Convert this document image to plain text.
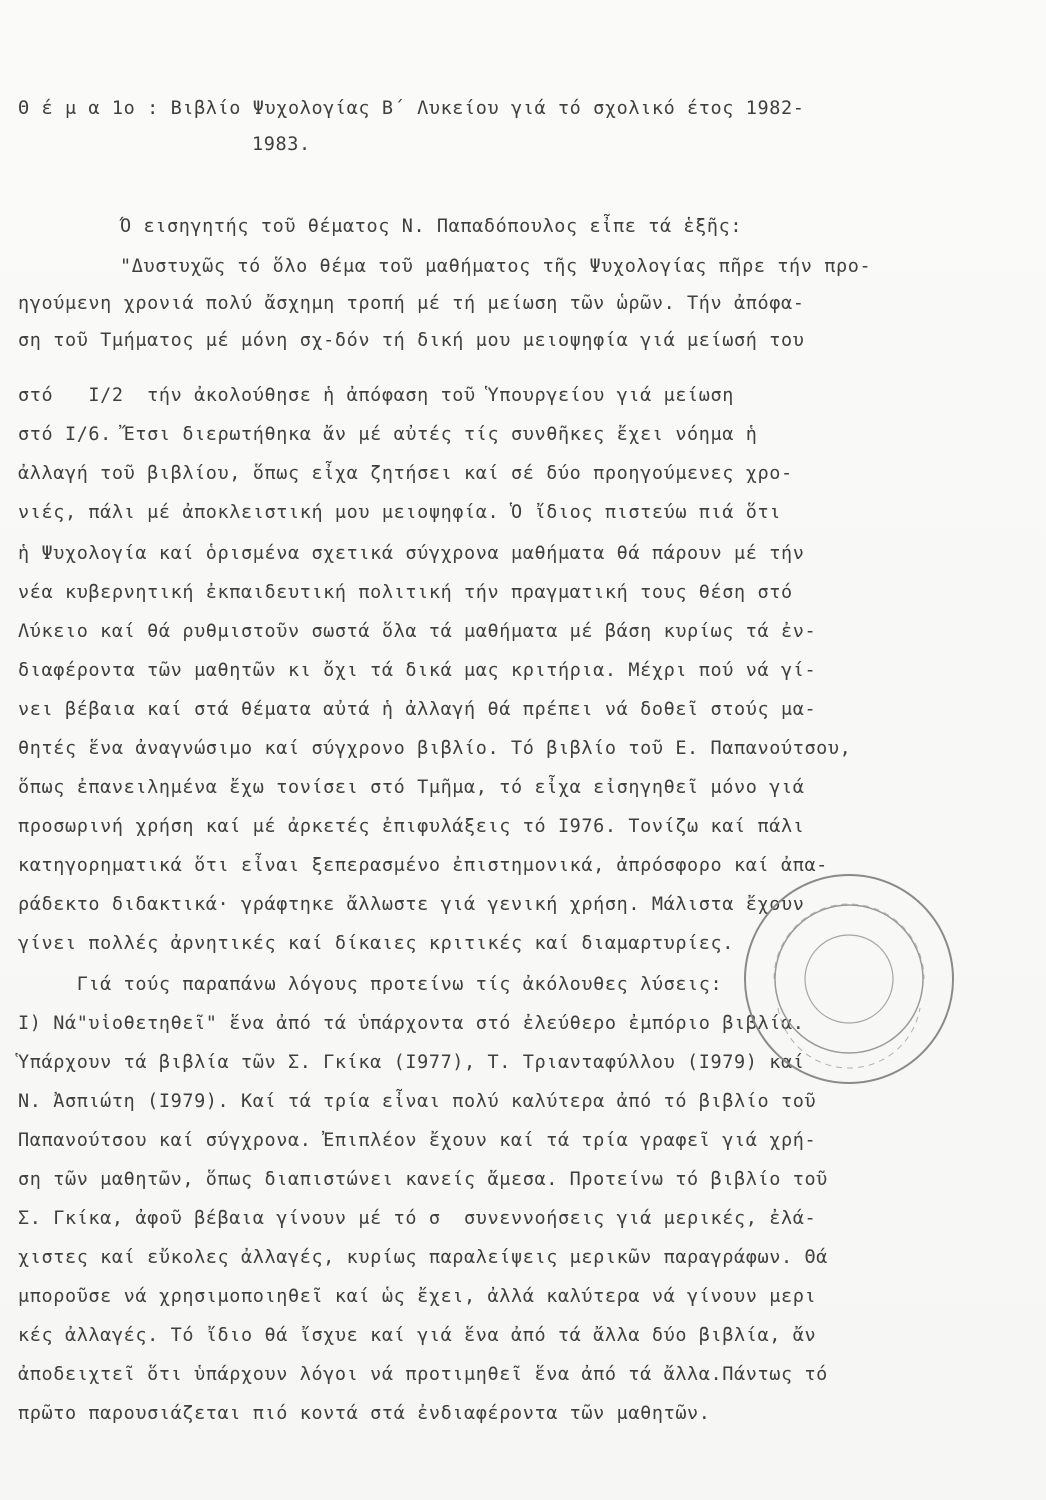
Θ έ μ α 1ο : Βιβλίο Ψυχολογίας Β΄ Λυκείου γιά τό σχολικό έτος 1982-
1983.
Ό εισηγητής τοῦ θέματος Ν. Παπαδόπουλος εἶπε τά ἑξῆς:
"Δυστυχῶς τό ὅλο θέμα τοῦ μαθήματος τῆς Ψυχολογίας πῆρε τήν προ-
ηγούμενη χρονιά πολύ ἄσχημη τροπή μέ τή μείωση τῶν ὡρῶν. Τήν ἀπόφα-
ση τοῦ Τμήματος μέ μόνη σχ-δόν τή δική μου μειοψηφία γιά μείωσή του
στό   I/2  τήν ἀκολούθησε ἡ ἀπόφαση τοῦ Ὑπουργείου γιά μείωση
στό I/6. Ἔτσι διερωτήθηκα ἄν μέ αὐτές τίς συνθῆκες ἔχει νόημα ἡ
ἀλλαγή τοῦ βιβλίου, ὅπως εἶχα ζητήσει καί σέ δύο προηγούμενες χρο-
νιές, πάλι μέ ἀποκλειστική μου μειοψηφία. Ὁ ἴδιος πιστεύω πιά ὅτι
ἡ Ψυχολογία καί ὁρισμένα σχετικά σύγχρονα μαθήματα θά πάρουν μέ τήν
νέα κυβερνητική ἐκπαιδευτική πολιτική τήν πραγματική τους θέση στό
Λύκειο καί θά ρυθμιστοῦν σωστά ὅλα τά μαθήματα μέ βάση κυρίως τά ἐν-
διαφέροντα τῶν μαθητῶν κι ὄχι τά δικά μας κριτήρια. Μέχρι πού νά γί-
νει βέβαια καί στά θέματα αὐτά ἡ ἀλλαγή θά πρέπει νά δοθεῖ στούς μα-
θητές ἕνα ἀναγνώσιμο καί σύγχρονο βιβλίο. Τό βιβλίο τοῦ Ε. Παπανούτσου,
ὅπως ἐπανειλημένα ἔχω τονίσει στό Τμῆμα, τό εἶχα εἰσηγηθεῖ μόνο γιά
προσωρινή χρήση καί μέ ἀρκετές ἐπιφυλάξεις τό Ι976. Τονίζω καί πάλι
κατηγορηματικά ὅτι εἶναι ξεπερασμένο ἐπιστημονικά, ἀπρόσφορο καί ἀπα-
ράδεκτο διδακτικά· γράφτηκε ἄλλωστε γιά γενική χρήση. Μάλιστα ἔχουν
γίνει πολλές ἀρνητικές καί δίκαιες κριτικές καί διαμαρτυρίες.
Γιά τούς παραπάνω λόγους προτείνω τίς ἀκόλουθες λύσεις:
Ι) Νά"υἱοθετηθεῖ" ἕνα ἀπό τά ὑπάρχοντα στό ἐλεύθερο ἐμπόριο βιβλία.
Ὑπάρχουν τά βιβλία τῶν Σ. Γκίκα (Ι977), Τ. Τριανταφύλλου (Ι979) καί
Ν. Ἀσπιώτη (Ι979). Καί τά τρία εἶναι πολύ καλύτερα ἀπό τό βιβλίο τοῦ
Παπανούτσου καί σύγχρονα. Ἐπιπλέον ἔχουν καί τά τρία γραφεῖ γιά χρή-
ση τῶν μαθητῶν, ὅπως διαπιστώνει κανείς ἄμεσα. Προτείνω τό βιβλίο τοῦ
Σ. Γκίκα, ἀφοῦ βέβαια γίνουν μέ τό σ  συνεννοήσεις γιά μερικές, ἐλά-
χιστες καί εὔκολες ἀλλαγές, κυρίως παραλείψεις μερικῶν παραγράφων. Θά
μποροῦσε νά χρησιμοποιηθεῖ καί ὡς ἔχει, ἀλλά καλύτερα νά γίνουν μερι
κές ἀλλαγές. Τό ἴδιο θά ἴσχυε καί γιά ἕνα ἀπό τά ἄλλα δύο βιβλία, ἄν
ἀποδειχτεῖ ὅτι ὑπάρχουν λόγοι νά προτιμηθεῖ ἕνα ἀπό τά ἄλλα.Πάντως τό
πρῶτο παρουσιάζεται πιό κοντά στά ἐνδιαφέροντα τῶν μαθητῶν.
